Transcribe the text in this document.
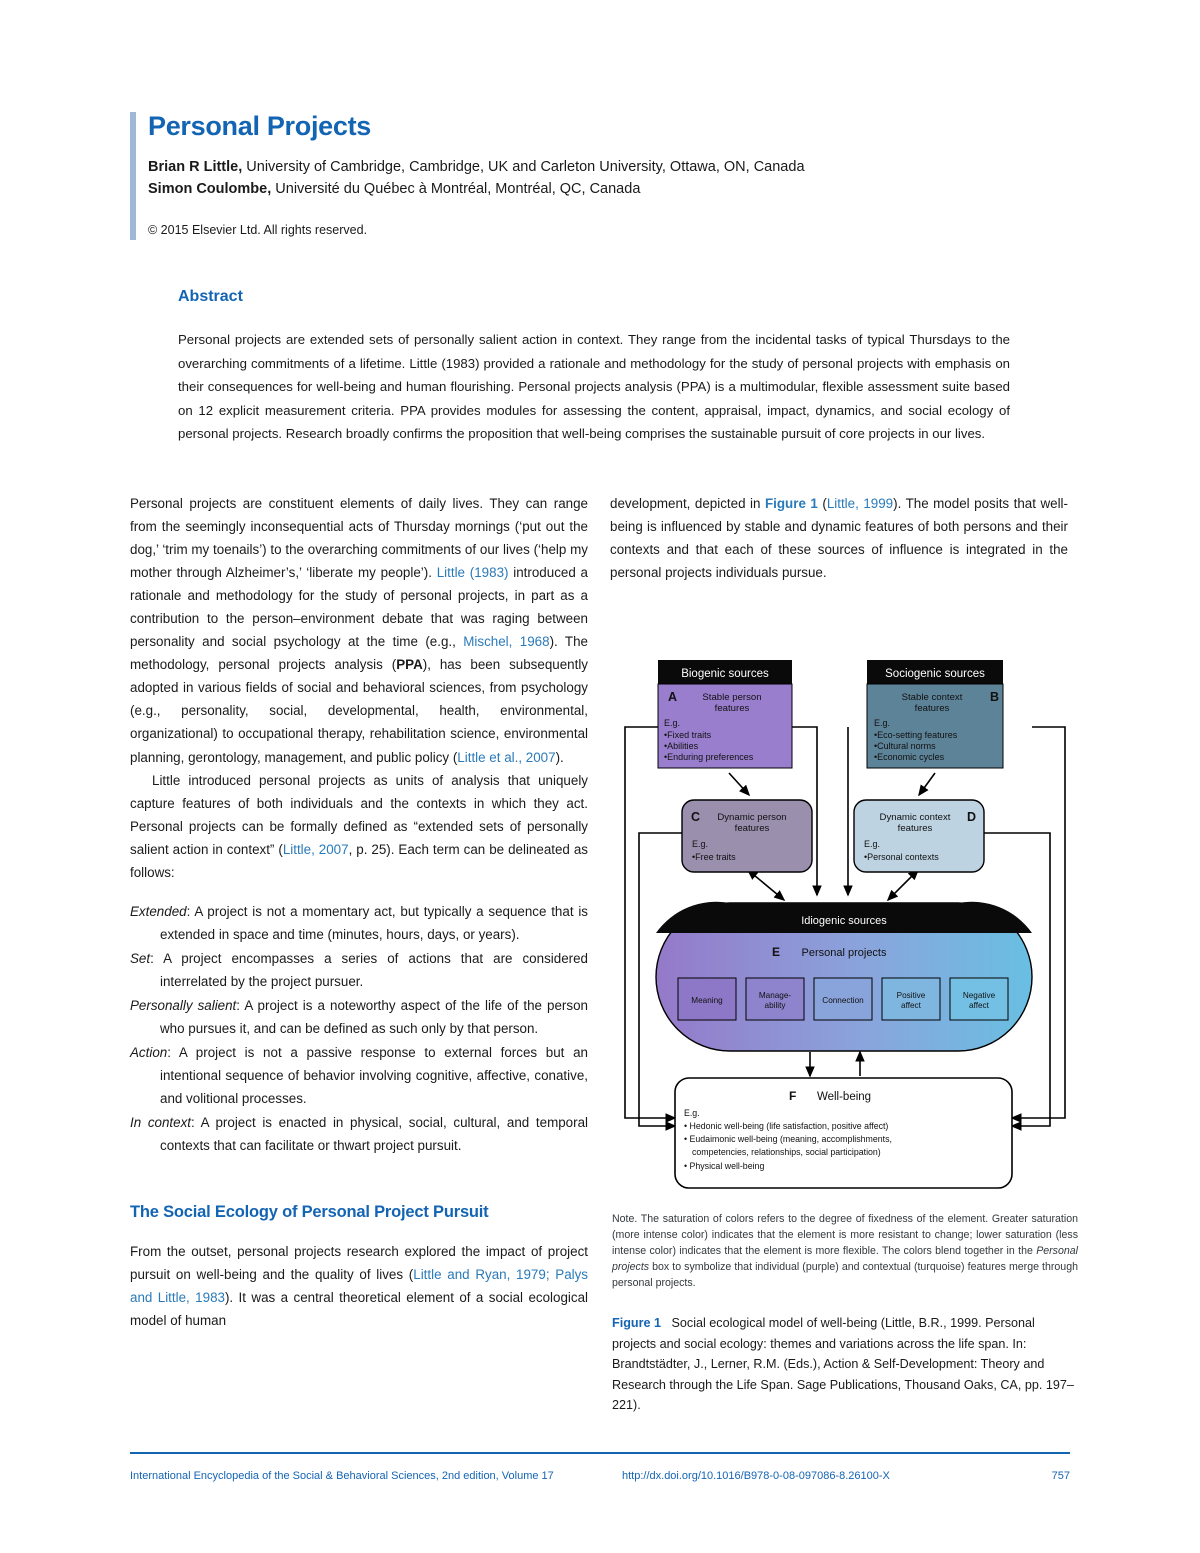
Personal Projects
Brian R Little, University of Cambridge, Cambridge, UK and Carleton University, Ottawa, ON, Canada
Simon Coulombe, Université du Québec à Montréal, Montréal, QC, Canada
© 2015 Elsevier Ltd. All rights reserved.
Abstract

Personal projects are extended sets of personally salient action in context. They range from the incidental tasks of typical Thursdays to the overarching commitments of a lifetime. Little (1983) provided a rationale and methodology for the study of personal projects with emphasis on their consequences for well-being and human flourishing. Personal projects analysis (PPA) is a multimodular, flexible assessment suite based on 12 explicit measurement criteria. PPA provides modules for assessing the content, appraisal, impact, dynamics, and social ecology of personal projects. Research broadly confirms the proposition that well-being comprises the sustainable pursuit of core projects in our lives.

Personal projects are constituent elements of daily lives. They can range from the seemingly inconsequential acts of Thursday mornings (‘put out the dog,’ ‘trim my toenails’) to the overarching commitments of our lives (‘help my mother through Alzheimer’s,’ ‘liberate my people’). Little (1983) introduced a rationale and methodology for the study of personal projects, in part as a contribution to the person–environment debate that was raging between personality and social psychology at the time (e.g., Mischel, 1968). The methodology, personal projects analysis (PPA), has been subsequently adopted in various fields of social and behavioral sciences, from psychology (e.g., personality, social, developmental, health, environmental, organizational) to occupational therapy, rehabilitation science, environmental planning, gerontology, management, and public policy (Little et al., 2007).

Little introduced personal projects as units of analysis that uniquely capture features of both individuals and the contexts in which they act. Personal projects can be formally defined as “extended sets of personally salient action in context” (Little, 2007, p. 25). Each term can be delineated as follows:

Extended: A project is not a momentary act, but typically a sequence that is extended in space and time (minutes, hours, days, or years).
Set: A project encompasses a series of actions that are considered interrelated by the project pursuer.
Personally salient: A project is a noteworthy aspect of the life of the person who pursues it, and can be defined as such only by that person.
Action: A project is not a passive response to external forces but an intentional sequence of behavior involving cognitive, affective, conative, and volitional processes.
In context: A project is enacted in physical, social, cultural, and temporal contexts that can facilitate or thwart project pursuit.
The Social Ecology of Personal Project Pursuit

From the outset, personal projects research explored the impact of project pursuit on well-being and the quality of lives (Little and Ryan, 1979; Palys and Little, 1983). It was a central theoretical element of a social ecological model of human

development, depicted in Figure 1 (Little, 1999). The model posits that well-being is influenced by stable and dynamic features of both persons and their contexts and that each of these sources of influence is integrated in the personal projects individuals pursue.

Biogenic sources
A	Stable person
features
E.g.
•Fixed traits
•Abilities
•Enduring preferences
Sociogenic sources
B
Stable context
features
E.g.
•Eco-setting features
•Cultural norms
•Economic cycles
C Dynamic person
features
E.g.
•Free traits
D
Dynamic context
features
E.g.
•Personal contexts
Idiogenic sources
E Personal projects
Meaning
Manage-
ability
Connection
Positive
affect
Negative
affect
F Well-being
E.g.
• Hedonic well-being (life satisfaction, positive affect)
• Eudaimonic well-being (meaning, accomplishments,
competencies, relationships, social participation)
• Physical well-being
Note. The saturation of colors refers to the degree of fixedness of the element. Greater saturation (more intense color) indicates that the element is more resistant to change; lower saturation (less intense color) indicates that the element is more flexible. The colors blend together in the Personal projects box to symbolize that individual (purple) and contextual (turquoise) features merge through personal projects.
Figure 1 Social ecological model of well-being (Little, B.R., 1999. Personal projects and social ecology: themes and variations across the life span. In: Brandtstädter, J., Lerner, R.M. (Eds.), Action & Self-Development: Theory and Research through the Life Span. Sage Publications, Thousand Oaks, CA, pp. 197–221).
International Encyclopedia of the Social & Behavioral Sciences, 2nd edition, Volume 17	http://dx.doi.org/10.1016/B978-0-08-097086-8.26100-X	757
